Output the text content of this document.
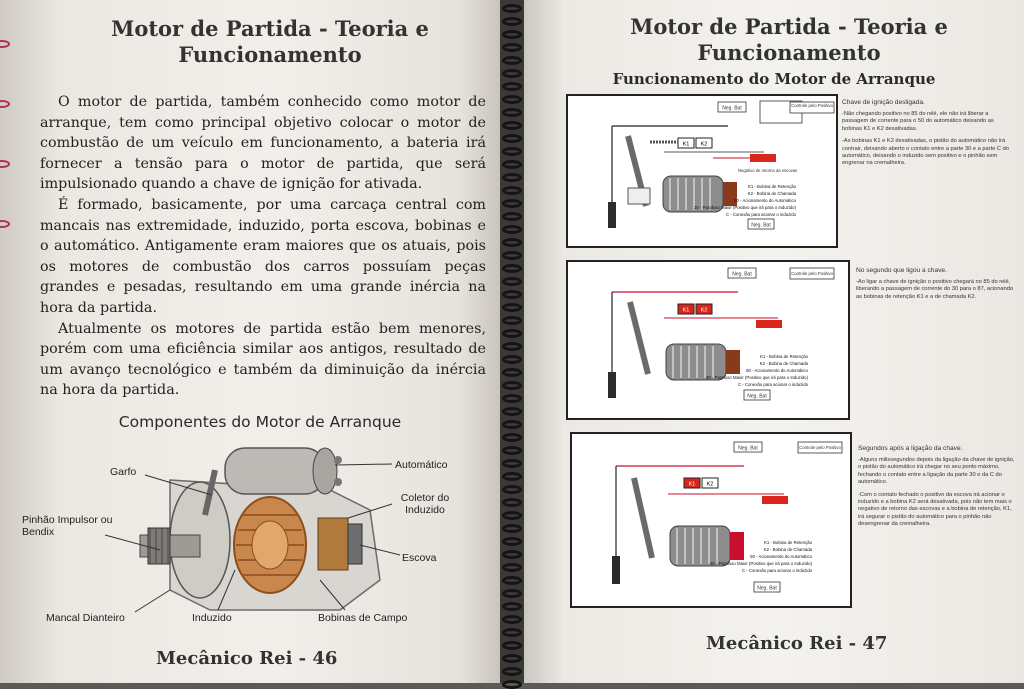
Motor de Partida - Teoria e Funcionamento

O motor de partida, também conhecido como motor de arranque, tem como principal objetivo colocar o motor de combustão de um veículo em funcionamento, a bateria irá fornecer a tensão para o motor de partida, que será impulsionado quando a chave de ignição for ativada.

É formado, basicamente, por uma carcaça central com mancais nas extremidade, induzido, porta escova, bobinas e o automático. Antigamente eram maiores que os atuais, pois os motores de combustão dos carros possuíam peças grandes e pesadas, resultando em uma grande inércia na hora da partida.

Atualmente os motores de partida estão bem menores, porém com uma eficiência similar aos antigos, resultado de um avanço tecnológico e também da diminuição da inércia na hora da partida.

Componentes do Motor de Arranque
Garfo
Automático
Coletor do Induzido
Pinhão Impulsor ou Bendix
Escova
Mancal Dianteiro	Induzido	Bobinas de Campo
Mecânico Rei - 46
Motor de Partida - Teoria e Funcionamento
Funcionamento do Motor de Arranque
Neg. Bat	Controle pelo Positivo
K1 K2
Neg. Bat
Negativo de retorno da escovas
K1 - Bobina de Retenção
K2 - Bobina de Chamada
50 - Acionamento do Automático
30 - Parafuso Maior (Positivo que irá para o Induzido)
C - Conexão para acionar o induzido
Chave de ignição desligada.

-Não chegando positivo no 85 do relé, ele não irá liberar a passagem de corrente para o 50 do automático deixando as bobinas K1 e K2 desativadas.

-As bobinas K1 e K2 desativadas, o pistão do automático não irá contrair, deixando aberto o contato entre a parte 30 e a parte C do automático, deixando o induzido sem positivo e o pinhão sem engrenar na cremalheira.

Neg. Bat	Controle pelo Positivo
K1 K2
Neg. Bat
K1 - Bobina de Retenção
K2 - Bobina de Chamada
50 - Acionamento do Automático
30 - Parafuso Maior (Positivo que irá para o Induzido)
C - Conexão para acionar o induzido
No segundo que ligou a chave.

-Ao ligar a chave de ignição o positivo chegará no 85 do relé, liberando a passagem de corrente do 30 para o 87, acionando as bobinas de retenção K1 e a de chamada K2.

Neg. Bat	Controle pelo Positivo
K1 K2
Neg. Bat
K1 - Bobina de Retenção
K2 - Bobina de Chamada
50 - Acionamento do Automático
30 - Parafuso Maior (Positivo que irá para o Induzido)
C - Conexão para acionar o induzido
Segundos após a ligação da chave.

-Alguns milissegundos depois da ligação da chave de ignição, o pistão do automático irá chegar no seu ponto máximo, fechando o contato entre a ligação da parte 30 e da C do automático.

-Com o contato fechado o positivo da escova irá acionar o induzido e a bobina K2 será desativada, pois não tem mais o negativo de retorno das escovas e a bobina de retenção, K1, irá segurar o pistão do automático para o pinhão não desengrenar da cremalheira.

Mecânico Rei - 47
